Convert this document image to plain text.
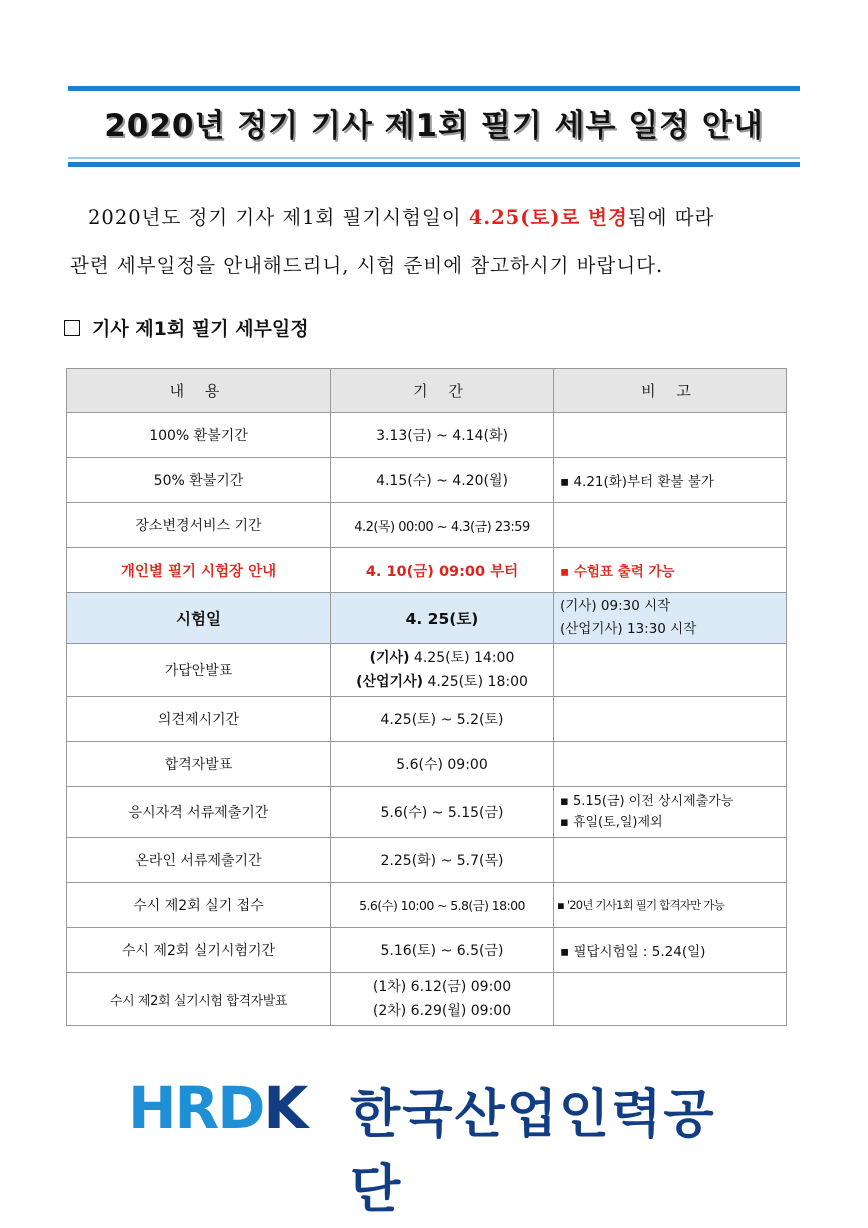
2020년 정기 기사 제1회 필기 세부 일정 안내
2020년도 정기 기사 제1회 필기시험일이 4.25(토)로 변경됨에 따라
관련 세부일정을 안내해드리니, 시험 준비에 참고하시기 바랍니다.
기사 제1회 필기 세부일정
내 용	기 간	비 고
100% 환불기간	3.13(금) ~ 4.14(화)	
50% 환불기간	4.15(수) ~ 4.20(월)	▪ 4.21(화)부터 환불 불가
장소변경서비스 기간	4.2(목) 00:00 ~ 4.3(금) 23:59	
개인별 필기 시험장 안내	4. 10(금) 09:00 부터	▪ 수험표 출력 가능
시험일	4. 25(토)	(기사) 09:30 시작
(산업기사) 13:30 시작

가답안발표	(기사) 4.25(토) 14:00
(산업기사) 4.25(토) 18:00	

의견제시기간	4.25(토) ~ 5.2(토)	
합격자발표	5.6(수) 09:00	
응시자격 서류제출기간	5.6(수) ~ 5.15(금)	▪ 5.15(금) 이전 상시제출가능
▪ 휴일(토,일)제외

온라인 서류제출기간	2.25(화) ~ 5.7(목)	
수시 제2회 실기 접수	5.6(수) 10:00 ~ 5.8(금) 18:00	▪ '20년 기사1회 필기 합격자만 가능
수시 제2회 실기시험기간	5.16(토) ~ 6.5(금)	▪ 필답시험일 : 5.24(일)
수시 제2회 실기시험 합격자발표	(1차) 6.12(금) 09:00
(2차) 6.29(월) 09:00	

HRDK 한국산업인력공단
